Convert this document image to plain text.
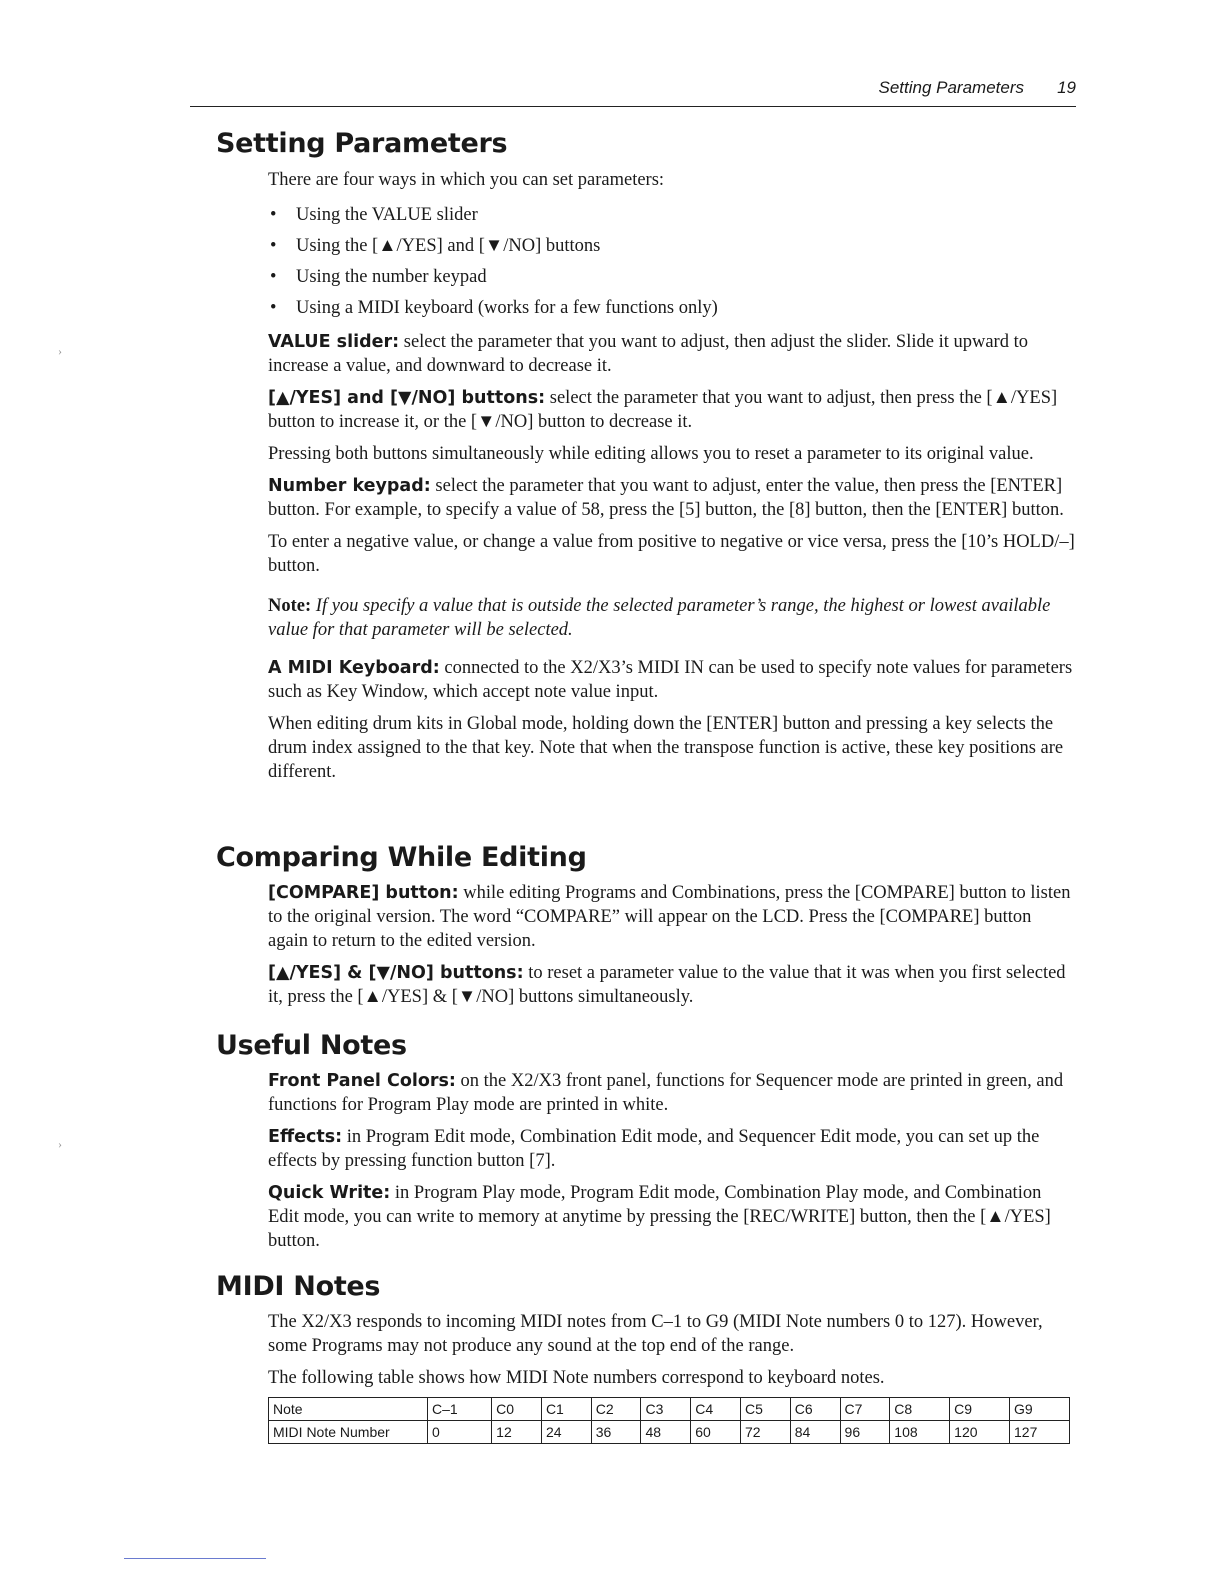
Setting Parameters 19
Setting Parameters

There are four ways in which you can set parameters:

• Using the VALUE slider
• Using the [▲/YES] and [▼/NO] buttons
• Using the number keypad
• Using a MIDI keyboard (works for a few functions only)

VALUE slider: select the parameter that you want to adjust, then adjust the slider. Slide it upward to increase a value, and downward to decrease it.

[▲/YES] and [▼/NO] buttons: select the parameter that you want to adjust, then press the [▲/YES] button to increase it, or the [▼/NO] button to decrease it.

Pressing both buttons simultaneously while editing allows you to reset a parameter to its original value.

Number keypad: select the parameter that you want to adjust, enter the value, then press the [ENTER] button. For example, to specify a value of 58, press the [5] button, the [8] button, then the [ENTER] button.

To enter a negative value, or change a value from positive to negative or vice versa, press the [10’s HOLD/–] button.

Note: If you specify a value that is outside the selected parameter’s range, the highest or lowest available value for that parameter will be selected.

A MIDI Keyboard: connected to the X2/X3’s MIDI IN can be used to specify note values for parameters such as Key Window, which accept note value input.

When editing drum kits in Global mode, holding down the [ENTER] button and pressing a key selects the drum index assigned to the that key. Note that when the transpose function is active, these key positions are different.

Comparing While Editing

[COMPARE] button: while editing Programs and Combinations, press the [COMPARE] button to listen to the original version. The word “COMPARE” will appear on the LCD. Press the [COMPARE] button again to return to the edited version.

[▲/YES] & [▼/NO] buttons: to reset a parameter value to the value that it was when you first selected it, press the [▲/YES] & [▼/NO] buttons simultaneously.

Useful Notes

Front Panel Colors: on the X2/X3 front panel, functions for Sequencer mode are printed in green, and functions for Program Play mode are printed in white.

Effects: in Program Edit mode, Combination Edit mode, and Sequencer Edit mode, you can set up the effects by pressing function button [7].

Quick Write: in Program Play mode, Program Edit mode, Combination Play mode, and Combination Edit mode, you can write to memory at anytime by pressing the [REC/WRITE] button, then the [▲/YES] button.

MIDI Notes

The X2/X3 responds to incoming MIDI notes from C–1 to G9 (MIDI Note numbers 0 to 127). However, some Programs may not produce any sound at the top end of the range.

The following table shows how MIDI Note numbers correspond to keyboard notes.

Note	C–1	C0	C1	C2	C3	C4	C5	C6	C7	C8	C9	G9
MIDI Note Number	0	12	24	36	48	60	72	84	96	108	120	127
›
›
